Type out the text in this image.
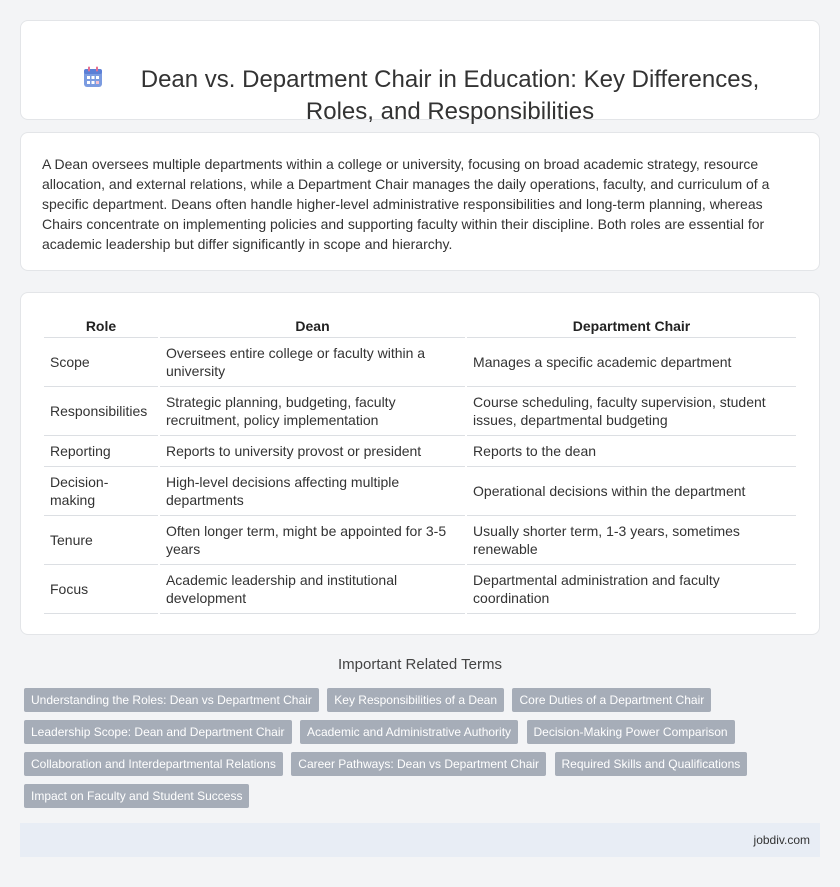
Dean vs. Department Chair in Education: Key Differences, Roles, and Responsibilities

A Dean oversees multiple departments within a college or university, focusing on broad academic strategy, resource allocation, and external relations, while a Department Chair manages the daily operations, faculty, and curriculum of a specific department. Deans often handle higher-level administrative responsibilities and long-term planning, whereas Chairs concentrate on implementing policies and supporting faculty within their discipline. Both roles are essential for academic leadership but differ significantly in scope and hierarchy.

Role	Dean	Department Chair
Scope	Oversees entire college or faculty within a university	Manages a specific academic department
Responsibilities	Strategic planning, budgeting, faculty recruitment, policy implementation	Course scheduling, faculty supervision, student issues, departmental budgeting
Reporting	Reports to university provost or president	Reports to the dean
Decision-making	High-level decisions affecting multiple departments	Operational decisions within the department
Tenure	Often longer term, might be appointed for 3-5 years	Usually shorter term, 1-3 years, sometimes renewable
Focus	Academic leadership and institutional development	Departmental administration and faculty coordination
Important Related Terms
Understanding the Roles: Dean vs Department Chair Key Responsibilities of a Dean Core Duties of a Department Chair Leadership Scope: Dean and Department Chair Academic and Administrative Authority Decision-Making Power Comparison Collaboration and Interdepartmental Relations Career Pathways: Dean vs Department Chair Required Skills and Qualifications Impact on Faculty and Student Success
jobdiv.com
